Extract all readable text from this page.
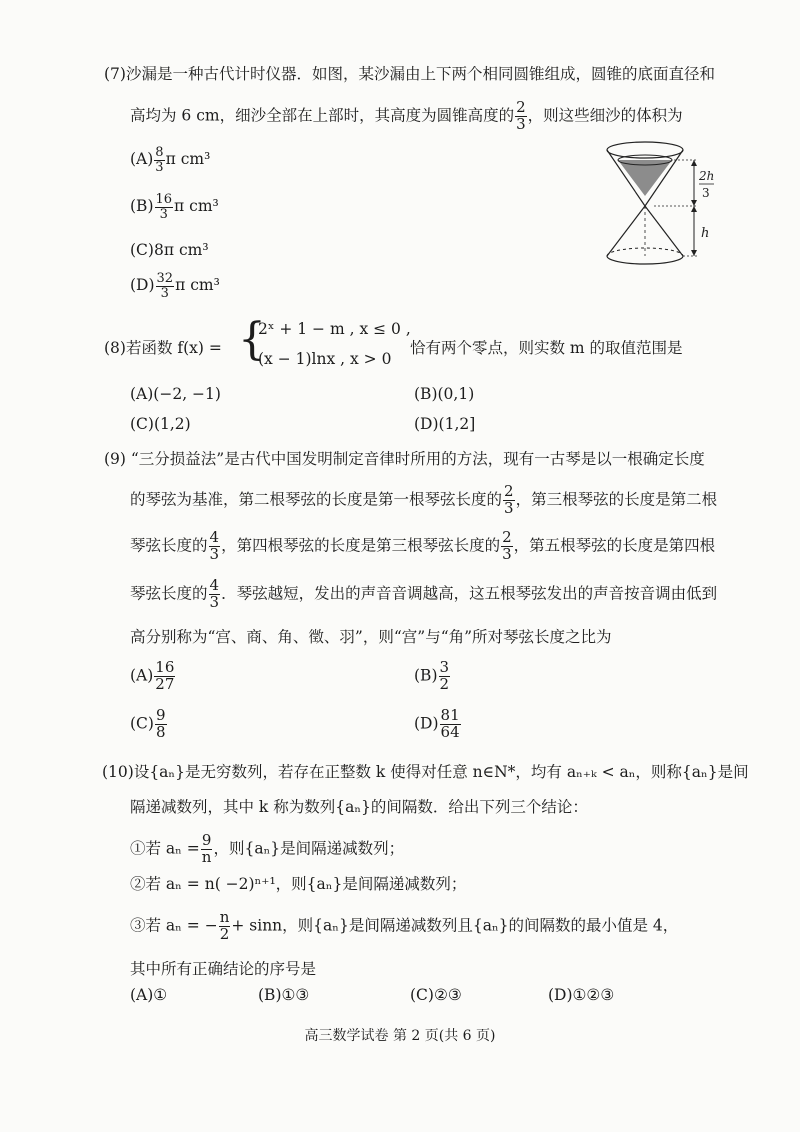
(7)沙漏是一种古代计时仪器．如图，某沙漏由上下两个相同圆锥组成，圆锥的底面直径和
高均为 6 cm，细沙全部在上部时，其高度为圆锥高度的 $\frac{2}{3}$ ，则这些细沙的体积为
$(A) \frac{8}{3}$ π cm³
$(B) \frac{16}{3}$ π cm³
(C)8π cm³
$(D) \frac{32}{3}$ π cm³
2h
3
h
(8)若函数 f(x) = {
2ˣ + 1 − m , x ≤ 0 ,
(x − 1)lnx , x > 0
恰有两个零点，则实数 m 的取值范围是
(A)(−2, −1)	(B)(0,1)
(C)(1,2)	(D)(1,2]
(9) “三分损益法”是古代中国发明制定音律时所用的方法，现有一古琴是以一根确定长度
的琴弦为基准，第二根琴弦的长度是第一根琴弦长度的 $\frac{2}{3}$ ，第三根琴弦的长度是第二根
琴弦长度的 $\frac{4}{3}$ ，第四根琴弦的长度是第三根琴弦长度的 $\frac{2}{3}$ ，第五根琴弦的长度是第四根
琴弦长度的 $\frac{4}{3}$ ．琴弦越短，发出的声音音调越高，这五根琴弦发出的声音按音调由低到
高分别称为“宫、商、角、徵、羽”，则“宫”与“角”所对琴弦长度之比为
$(A) \frac{16}{27}$	$(B) \frac{3}{2}$
$(C) \frac{9}{8}$	$(D) \frac{81}{64}$
(10)设{aₙ}是无穷数列，若存在正整数 k 使得对任意 n∈N*，均有 aₙ₊ₖ < aₙ，则称{aₙ}是间
隔递减数列，其中 k 称为数列{aₙ}的间隔数．给出下列三个结论：
①若 $a_n = \frac{9}{n}$ ，则{aₙ}是间隔递减数列；
②若 aₙ = n( −2)ⁿ⁺¹，则{aₙ}是间隔递减数列；
③若 aₙ = − $\frac{n}{2} + \sin n$，则{aₙ}是间隔递减数列且{aₙ}的间隔数的最小值是 4，
其中所有正确结论的序号是
(A)①	(B)①③	(C)②③	(D)①②③
高三数学试卷 第 2 页(共 6 页)
